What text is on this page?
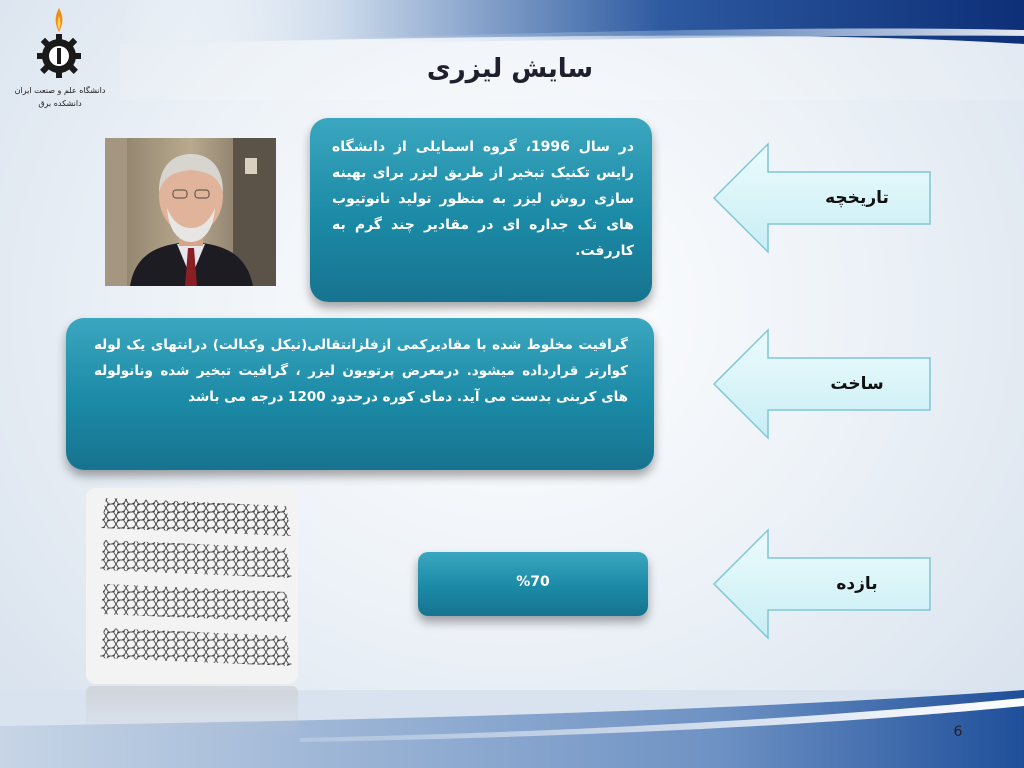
دانشگاه علم و صنعت ایران
دانشکده برق
سایش لیزری
در سال 1996، گروه اسمایلی از دانشگاه رایس تکنیک تبخیر از طریق لیزر برای بهینه سازی روش لیزر به منظور تولید نانوتیوب های تک جداره ای در مقادیر چند گرم به کاررفت.
گرافیت مخلوط شده با مقادیرکمی ازفلزانتقالی(نیکل وکبالت) درانتهای یک لوله کوارتز قرارداده میشود. درمعرض پرتویون لیزر ، گرافیت تبخیر شده ونانولوله های کربنی بدست می آید. دمای کوره درحدود 1200 درجه می باشد
%70
تاریخچه
ساخت
بازده
6
